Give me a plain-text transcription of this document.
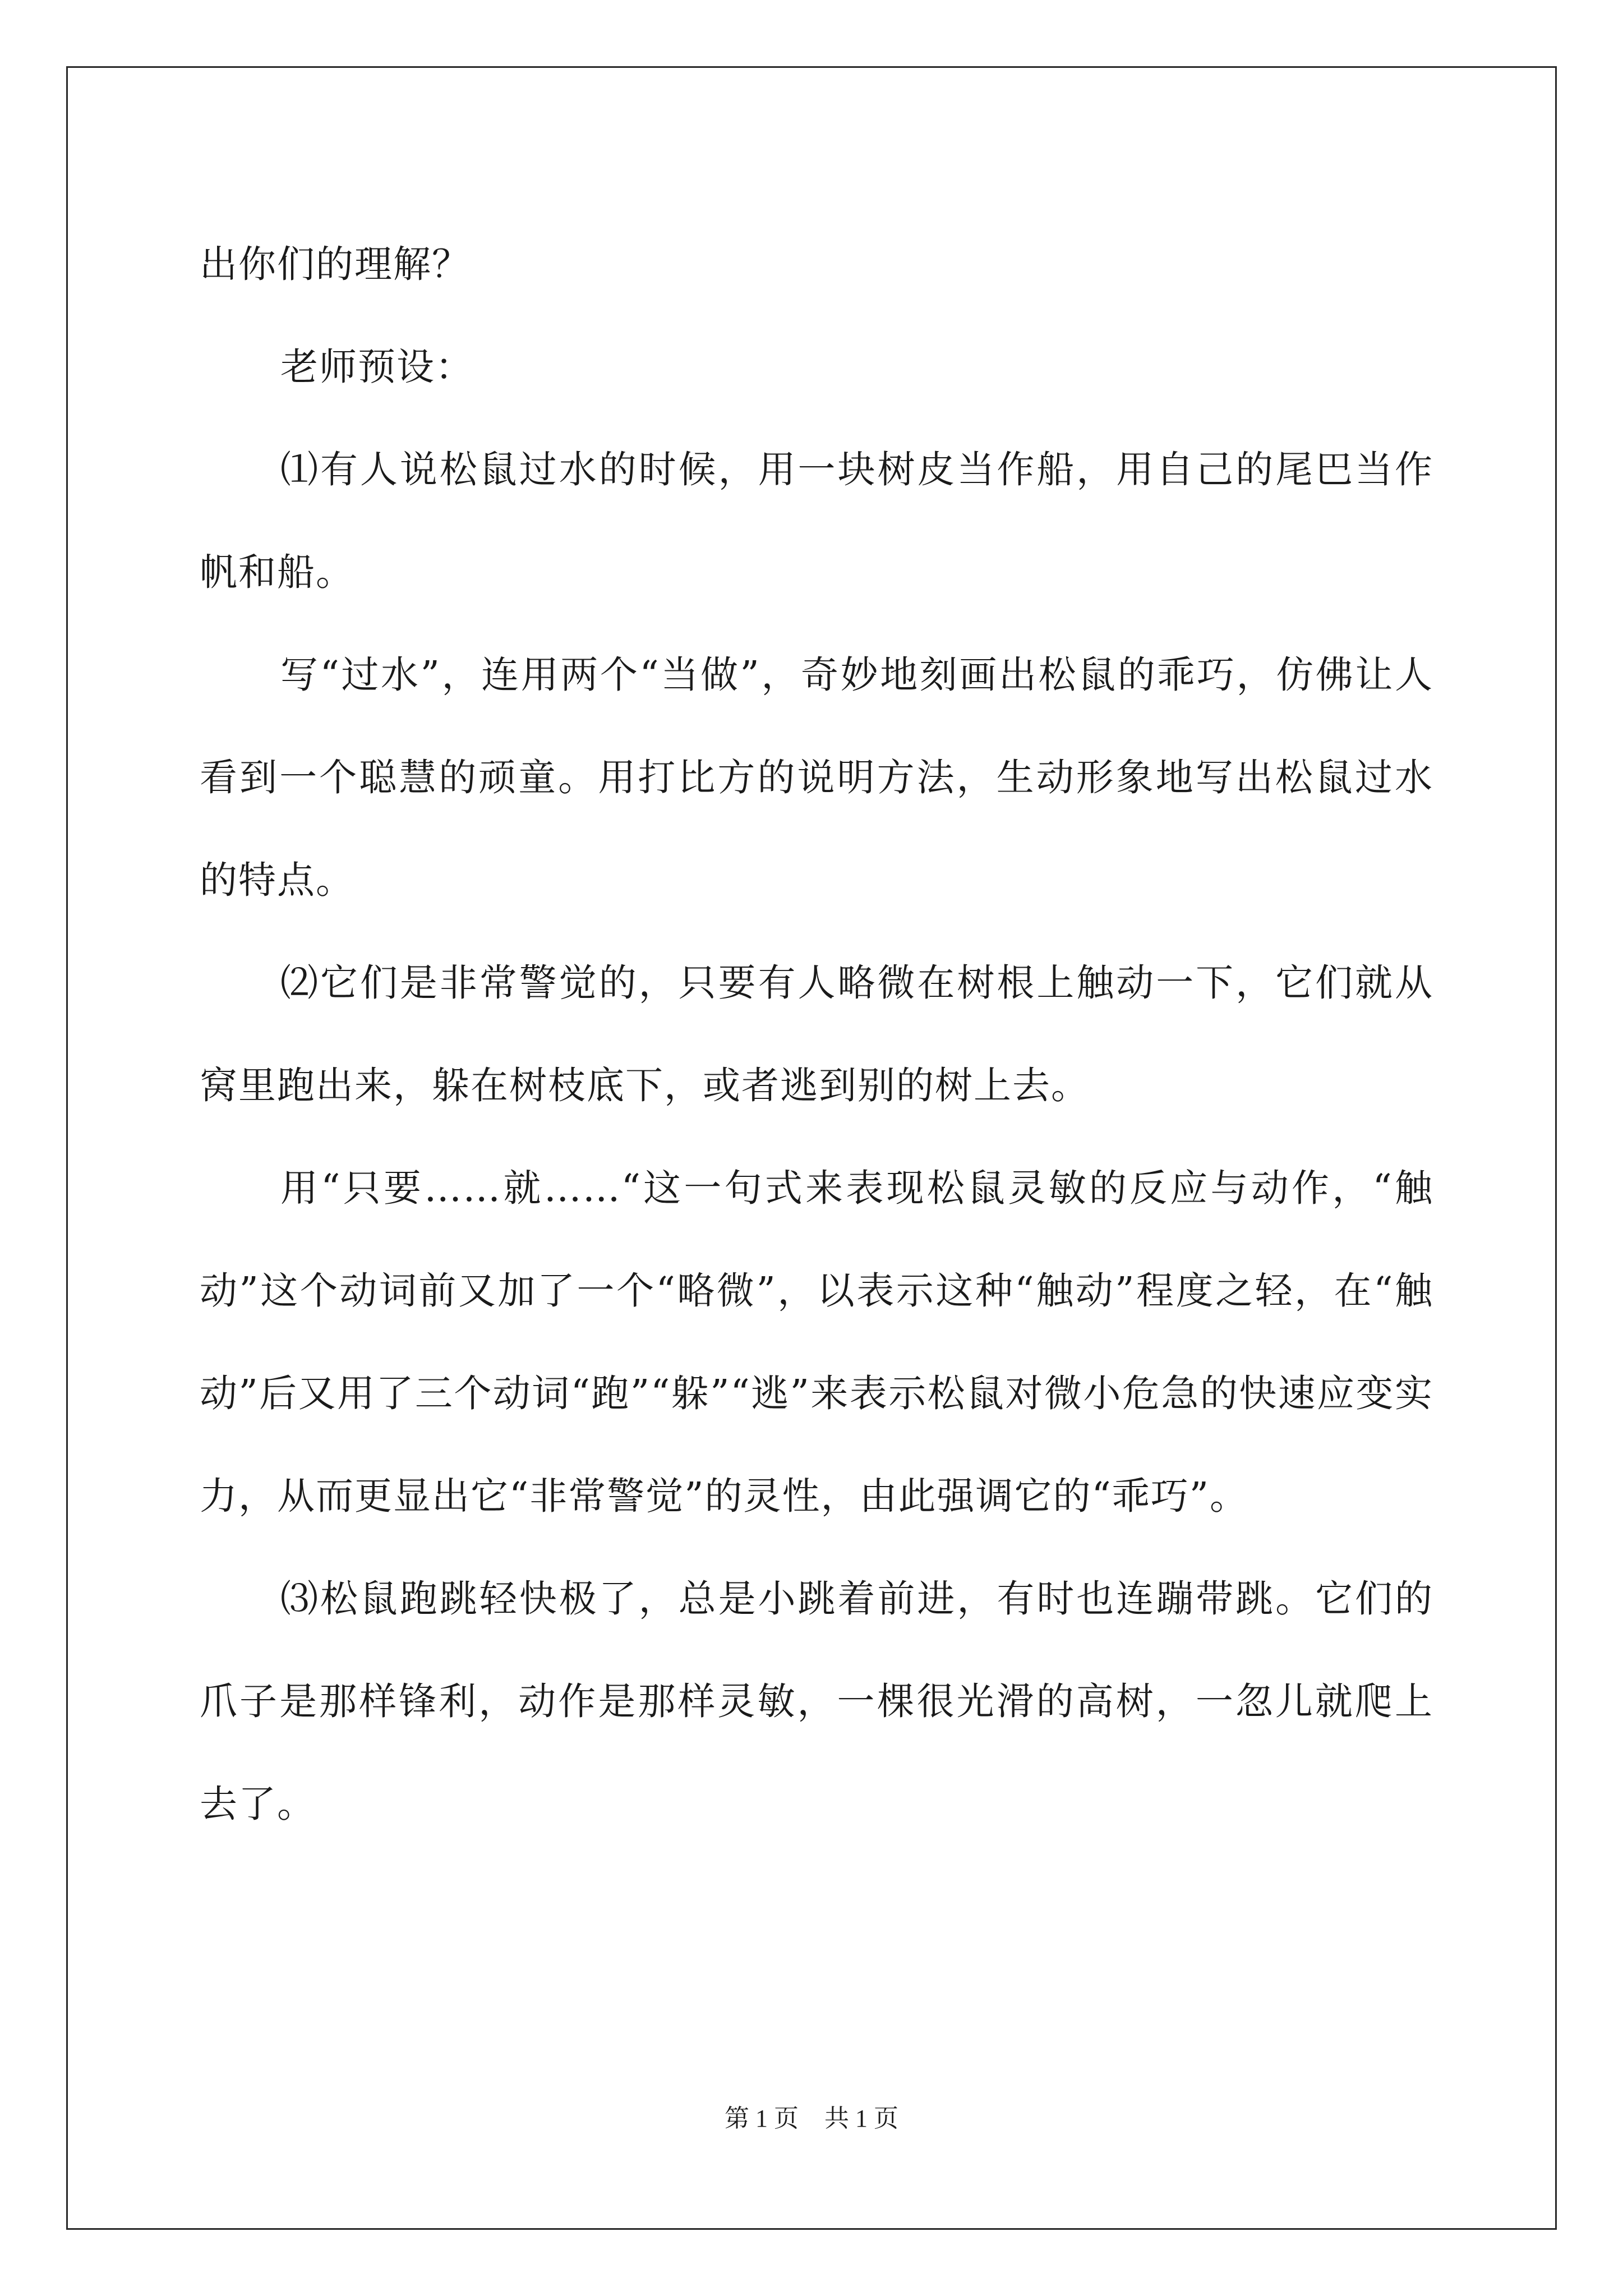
出你们的理解？

老师预设：

⑴有人说松鼠过水的时候，用一块树皮当作船，用自己的尾巴当作帆和船。

写“过水”，连用两个“当做”，奇妙地刻画出松鼠的乖巧，仿佛让人看到一个聪慧的顽童。用打比方的说明方法，生动形象地写出松鼠过水的特点。

⑵它们是非常警觉的，只要有人略微在树根上触动一下，它们就从窝里跑出来，躲在树枝底下，或者逃到别的树上去。

用“只要……就……“这一句式来表现松鼠灵敏的反应与动作，“触动”这个动词前又加了一个“略微”，以表示这种“触动”程度之轻，在“触动”后又用了三个动词“跑”“躲”“逃”来表示松鼠对微小危急的快速应变实力，从而更显出它“非常警觉”的灵性，由此强调它的“乖巧”。

⑶松鼠跑跳轻快极了，总是小跳着前进，有时也连蹦带跳。它们的爪子是那样锋利，动作是那样灵敏，一棵很光滑的高树，一忽儿就爬上去了。

第 1 页 共 1 页
